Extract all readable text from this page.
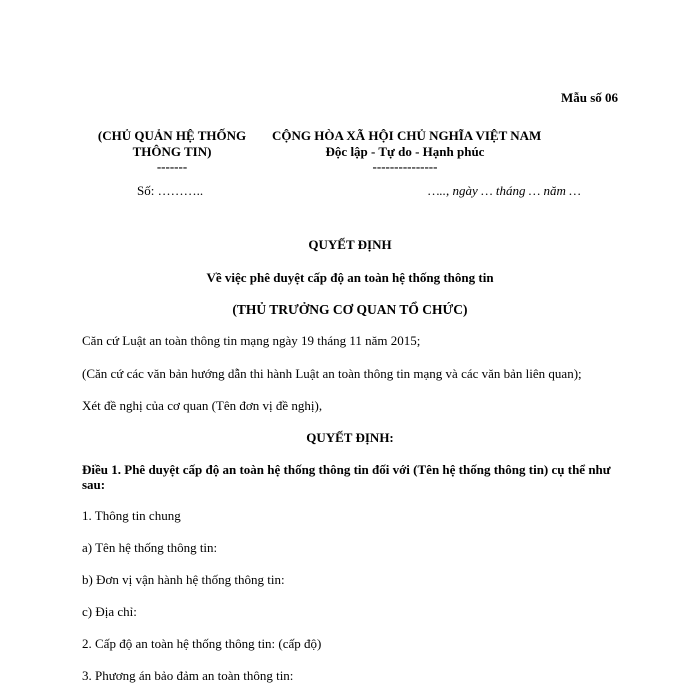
Mẫu số 06
(CHỦ QUẢN HỆ THỐNG
THÔNG TIN)
-------
CỘNG HÒA XÃ HỘI CHỦ NGHĨA VIỆT NAM
Độc lập - Tự do - Hạnh phúc
---------------
Số: ………..	….., ngày … tháng … năm …
QUYẾT ĐỊNH
Về việc phê duyệt cấp độ an toàn hệ thống thông tin
(THỦ TRƯỞNG CƠ QUAN TỔ CHỨC)
Căn cứ Luật an toàn thông tin mạng ngày 19 tháng 11 năm 2015;
(Căn cứ các văn bản hướng dẫn thi hành Luật an toàn thông tin mạng và các văn bản liên quan);
Xét đề nghị của cơ quan (Tên đơn vị đề nghị),
QUYẾT ĐỊNH:
Điều 1. Phê duyệt cấp độ an toàn hệ thống thông tin đối với (Tên hệ thống thông tin) cụ thể như sau:
1. Thông tin chung
a) Tên hệ thống thông tin:
b) Đơn vị vận hành hệ thống thông tin:
c) Địa chỉ:
2. Cấp độ an toàn hệ thống thông tin: (cấp độ)
3. Phương án bảo đảm an toàn thông tin:
